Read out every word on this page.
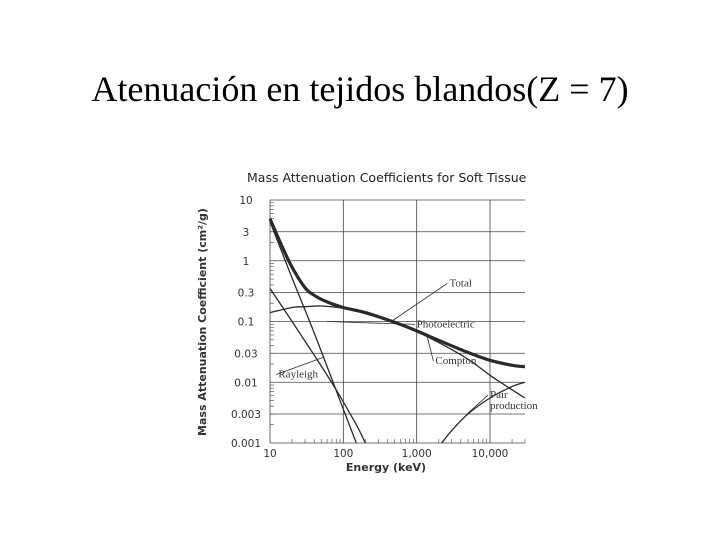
Atenuación en tejidos blandos(Z = 7)
10
3
1
0.3
0.1
0.03
0.01
0.003
0.001
10	100	1,000	10,000
Total
Photoelectric
Compton
Rayleigh
Pair production
Mass Attenuation Coefficients for Soft Tissue
Energy (keV)
Mass Attenuation Coefficient (cm²/g)
